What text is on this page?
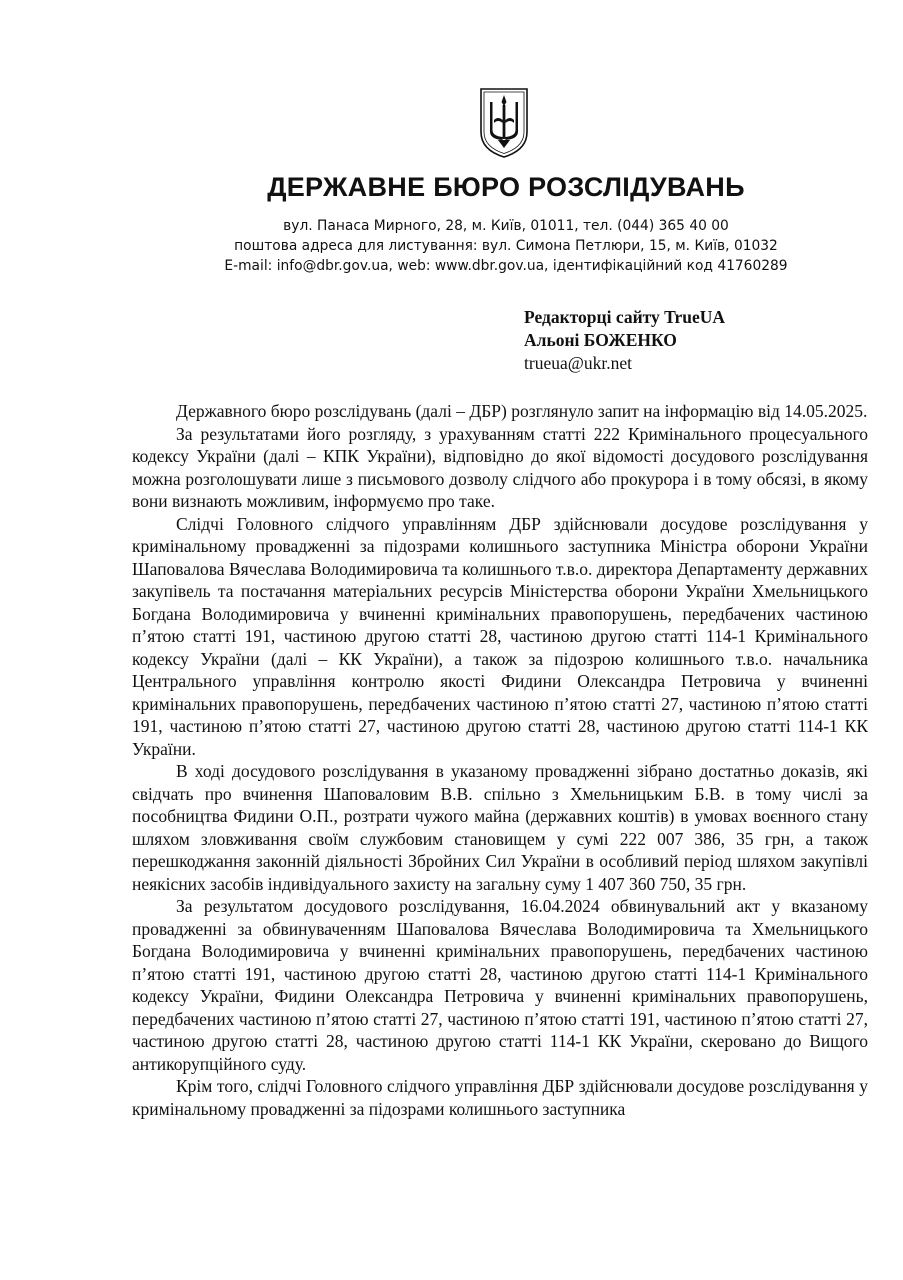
ДЕРЖАВНЕ БЮРО РОЗСЛІДУВАНЬ
вул. Панаса Мирного, 28, м. Київ, 01011, тел. (044) 365 40 00
поштова адреса для листування: вул. Симона Петлюри, 15, м. Київ, 01032
E-mail: info@dbr.gov.ua, web: www.dbr.gov.ua, ідентифікаційний код 41760289
Редакторці сайту TrueUA
Альоні БОЖЕНКО
trueua@ukr.net

Державного бюро розслідувань (далі – ДБР) розглянуло запит на інформацію від 14.05.2025.

За результатами його розгляду, з урахуванням статті 222 Кримінального процесуального кодексу України (далі – КПК України), відповідно до якої відомості досудового розслідування можна розголошувати лише з письмового дозволу слідчого або прокурора і в тому обсязі, в якому вони визнають можливим, інформуємо про таке.

Слідчі Головного слідчого управлінням ДБР здійснювали досудове розслідування у кримінальному провадженні за підозрами колишнього заступника Міністра оборони України Шаповалова Вячеслава Володимировича та колишнього т.в.о. директора Департаменту державних закупівель та постачання матеріальних ресурсів Міністерства оборони України Хмельницького Богдана Володимировича у вчиненні кримінальних правопорушень, передбачених частиною п’ятою статті 191, частиною другою статті 28, частиною другою статті 114-1 Кримінального кодексу України (далі – КК України), а також за підозрою колишнього т.в.о. начальника Центрального управління контролю якості Фидини Олександра Петровича у вчиненні кримінальних правопорушень, передбачених частиною п’ятою статті 27, частиною п’ятою статті 191, частиною п’ятою статті 27, частиною другою статті 28, частиною другою статті 114-1 КК України.

В ході досудового розслідування в указаному провадженні зібрано достатньо доказів, які свідчать про вчинення Шаповаловим В.В. спільно з Хмельницьким Б.В. в тому числі за пособництва Фидини О.П., розтрати чужого майна (державних коштів) в умовах воєнного стану шляхом зловживання своїм службовим становищем у сумі 222 007 386, 35 грн, а також перешкоджання законній діяльності Збройних Сил України в особливий період шляхом закупівлі неякісних засобів індивідуального захисту на загальну суму 1 407 360 750, 35 грн.

За результатом досудового розслідування, 16.04.2024 обвинувальний акт у вказаному провадженні за обвинуваченням Шаповалова Вячеслава Володимировича та Хмельницького Богдана Володимировича у вчиненні кримінальних правопорушень, передбачених частиною п’ятою статті 191, частиною другою статті 28, частиною другою статті 114-1 Кримінального кодексу України, Фидини Олександра Петровича у вчиненні кримінальних правопорушень, передбачених частиною п’ятою статті 27, частиною п’ятою статті 191, частиною п’ятою статті 27, частиною другою статті 28, частиною другою статті 114-1 КК України, скеровано до Вищого антикорупційного суду.

Крім того, слідчі Головного слідчого управління ДБР здійснювали досудове розслідування у кримінальному провадженні за підозрами колишнього заступника
